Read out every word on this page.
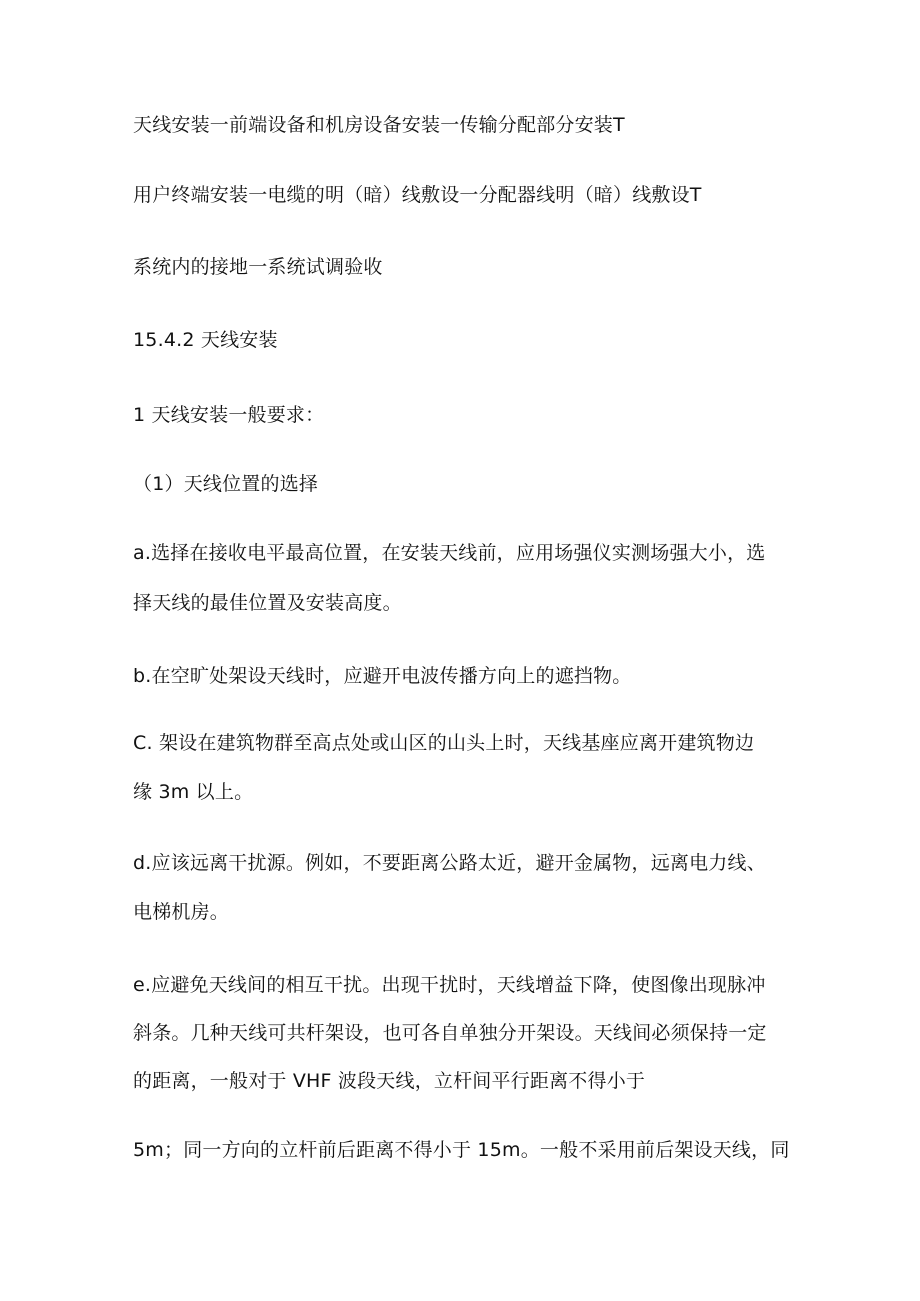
天线安装一前端设备和机房设备安装一传输分配部分安装T
用户终端安装一电缆的明（暗）线敷设一分配器线明（暗）线敷设T
系统内的接地一系统试调验收
15.4.2 天线安装
1 天线安装一般要求：
（1）天线位置的选择
a.选择在接收电平最高位置，在安装天线前，应用场强仪实测场强大小，选
择天线的最佳位置及安装高度。
b.在空旷处架设天线时，应避开电波传播方向上的遮挡物。
C. 架设在建筑物群至高点处或山区的山头上时，天线基座应离开建筑物边
缘 3m 以上。
d.应该远离干扰源。例如，不要距离公路太近，避开金属物，远离电力线、
电梯机房。
e.应避免天线间的相互干扰。出现干扰时，天线增益下降，使图像出现脉冲
斜条。几种天线可共杆架设，也可各自单独分开架设。天线间必须保持一定
的距离，一般对于 VHF 波段天线，立杆间平行距离不得小于
5m；同一方向的立杆前后距离不得小于 15m。一般不采用前后架设天线，同
